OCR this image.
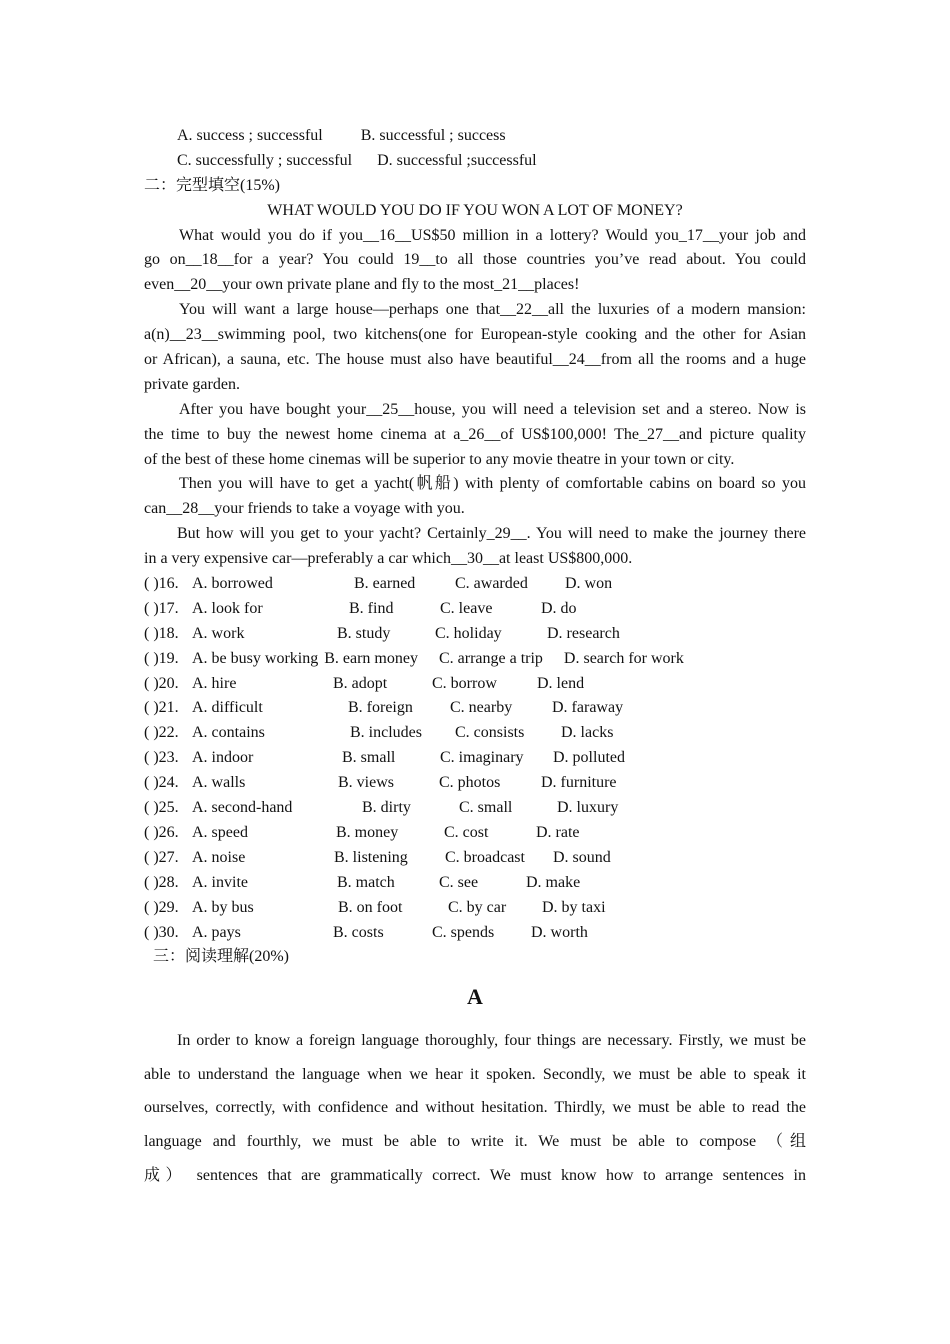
A. success ; successful B. successful ; success
C. successfully ; successful D. successful ;successful
二：完型填空(15%)
WHAT WOULD YOU DO IF YOU WON A LOT OF MONEY?
What would you do if you__16__US$50 million in a lottery? Would you_17__your job and
go on__18__for a year? You could 19__to all those countries you’ve read about. You could
even__20__your own private plane and fly to the most_21__places!
You will want a large house—perhaps one that__22__all the luxuries of a modern mansion:
a(n)__23__swimming pool, two kitchens(one for European-style cooking and the other for Asian
or African), a sauna, etc. The house must also have beautiful__24__from all the rooms and a huge
private garden.
After you have bought your__25__house, you will need a television set and a stereo. Now is
the time to buy the newest home cinema at a_26__of US$100,000! The_27__and picture quality
of the best of these home cinemas will be superior to any movie theatre in your town or city.
Then you will have to get a yacht(帆船) with plenty of comfortable cabins on board so you
can__28__your friends to take a voyage with you.
But how will you get to your yacht? Certainly_29__. You will need to make the journey there
in a very expensive car—preferably a car which__30__at least US$800,000.
( )16. A. borrowed	B. earned C. awarded D. won
( )17. A. look for	B. find	C. leave	D. do
( )18. A. work	B. study	C. holiday	D. research
( )19. A. be busy working B. earn money C. arrange a trip D. search for work
( )20. A. hire	B. adopt	C. borrow	D. lend
( )21. A. difficult	B. foreign C. nearby D. faraway
( )22. A. contains	B. includes C. consists D. lacks
( )23. A. indoor	B. small	C. imaginary D. polluted
( )24. A. walls	B. views	C. photos	D. furniture
( )25. A. second-hand	B. dirty	C. small	D. luxury
( )26. A. speed	B. money	C. cost	D. rate
( )27. A. noise	B. listening C. broadcast D. sound
( )28. A. invite	B. match	C. see	D. make
( )29. A. by bus	B. on foot	C. by car D. by taxi
( )30. A. pays	B. costs	C. spends D. worth
三：阅读理解(20%)
A
In order to know a foreign language thoroughly, four things are necessary. Firstly, we must be
able to understand the language when we hear it spoken. Secondly, we must be able to speak it
ourselves, correctly, with confidence and without hesitation. Thirdly, we must be able to read the
language and fourthly, we must be able to write it. We must be able to compose （组
成） sentences that are grammatically correct. We must know how to arrange sentences in
